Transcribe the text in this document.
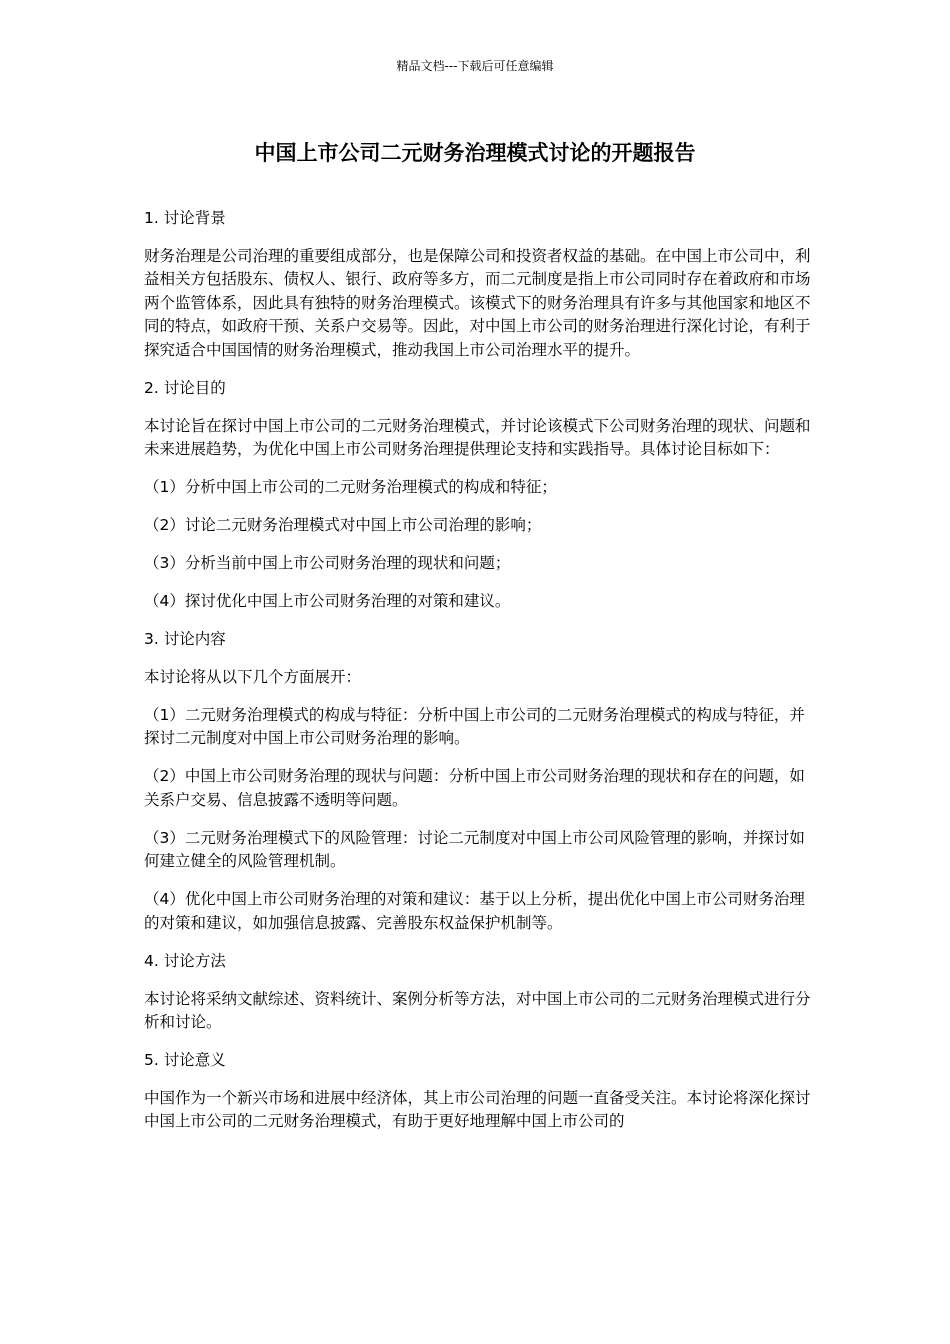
精品文档---下载后可任意编辑
中国上市公司二元财务治理模式讨论的开题报告

1. 讨论背景

财务治理是公司治理的重要组成部分，也是保障公司和投资者权益的基础。在中国上市公司中，利益相关方包括股东、债权人、银行、政府等多方，而二元制度是指上市公司同时存在着政府和市场两个监管体系，因此具有独特的财务治理模式。该模式下的财务治理具有许多与其他国家和地区不同的特点，如政府干预、关系户交易等。因此，对中国上市公司的财务治理进行深化讨论，有利于探究适合中国国情的财务治理模式，推动我国上市公司治理水平的提升。

2. 讨论目的

本讨论旨在探讨中国上市公司的二元财务治理模式，并讨论该模式下公司财务治理的现状、问题和未来进展趋势，为优化中国上市公司财务治理提供理论支持和实践指导。具体讨论目标如下：

（1）分析中国上市公司的二元财务治理模式的构成和特征；

（2）讨论二元财务治理模式对中国上市公司治理的影响；

（3）分析当前中国上市公司财务治理的现状和问题；

（4）探讨优化中国上市公司财务治理的对策和建议。

3. 讨论内容

本讨论将从以下几个方面展开：

（1）二元财务治理模式的构成与特征：分析中国上市公司的二元财务治理模式的构成与特征，并探讨二元制度对中国上市公司财务治理的影响。

（2）中国上市公司财务治理的现状与问题：分析中国上市公司财务治理的现状和存在的问题，如关系户交易、信息披露不透明等问题。

（3）二元财务治理模式下的风险管理：讨论二元制度对中国上市公司风险管理的影响，并探讨如何建立健全的风险管理机制。

（4）优化中国上市公司财务治理的对策和建议：基于以上分析，提出优化中国上市公司财务治理的对策和建议，如加强信息披露、完善股东权益保护机制等。

4. 讨论方法

本讨论将采纳文献综述、资料统计、案例分析等方法，对中国上市公司的二元财务治理模式进行分析和讨论。

5. 讨论意义

中国作为一个新兴市场和进展中经济体，其上市公司治理的问题一直备受关注。本讨论将深化探讨中国上市公司的二元财务治理模式，有助于更好地理解中国上市公司的
